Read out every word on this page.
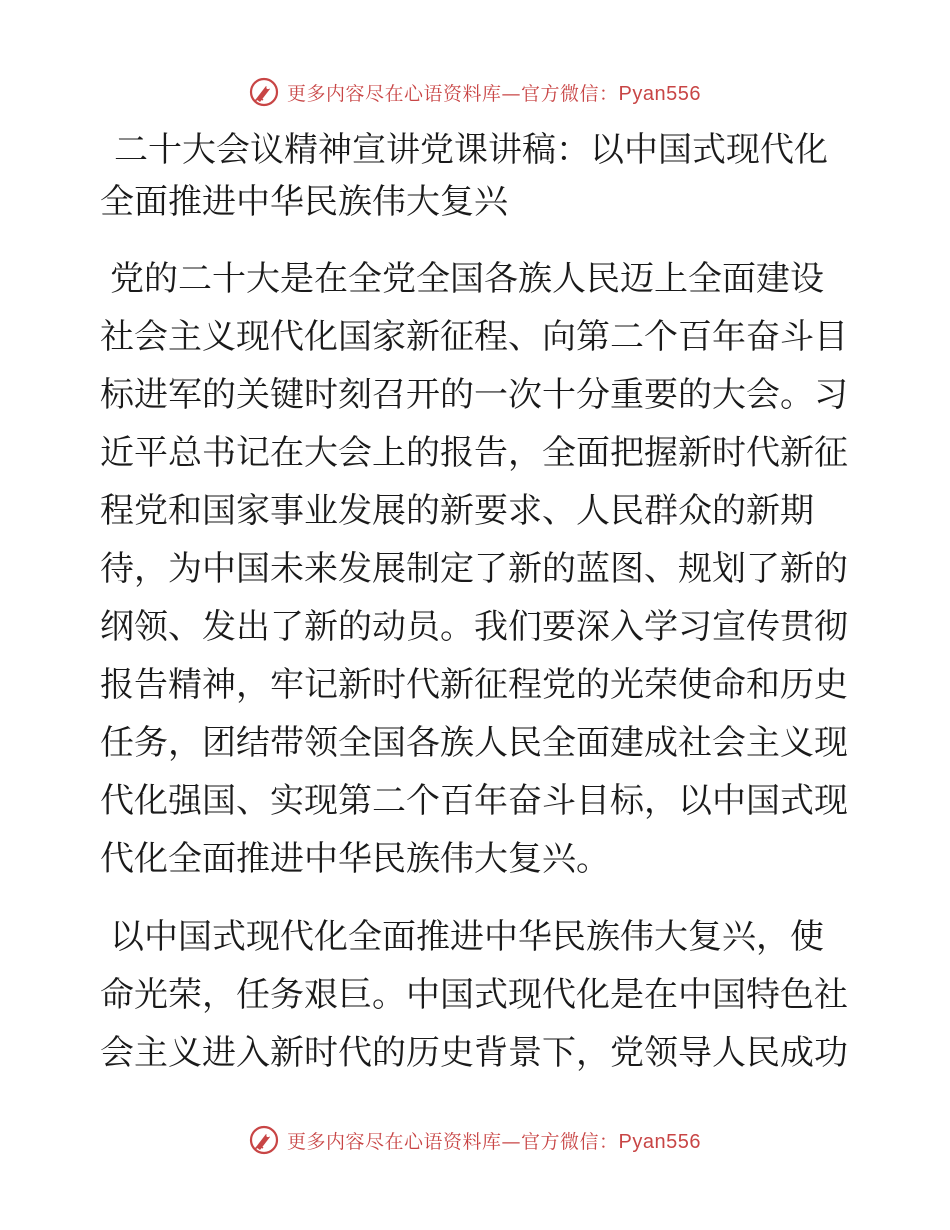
更多内容尽在心语资料库—官方微信：Pyan556
二十大会议精神宣讲党课讲稿：以中国式现代化
全面推进中华民族伟大复兴
党的二十大是在全党全国各族人民迈上全面建设
社会主义现代化国家新征程、向第二个百年奋斗目
标进军的关键时刻召开的一次十分重要的大会。习
近平总书记在大会上的报告，全面把握新时代新征
程党和国家事业发展的新要求、人民群众的新期
待，为中国未来发展制定了新的蓝图、规划了新的
纲领、发出了新的动员。我们要深入学习宣传贯彻
报告精神，牢记新时代新征程党的光荣使命和历史
任务，团结带领全国各族人民全面建成社会主义现
代化强国、实现第二个百年奋斗目标，以中国式现
代化全面推进中华民族伟大复兴。
以中国式现代化全面推进中华民族伟大复兴，使
命光荣，任务艰巨。中国式现代化是在中国特色社
会主义进入新时代的历史背景下，党领导人民成功
更多内容尽在心语资料库—官方微信：Pyan556
